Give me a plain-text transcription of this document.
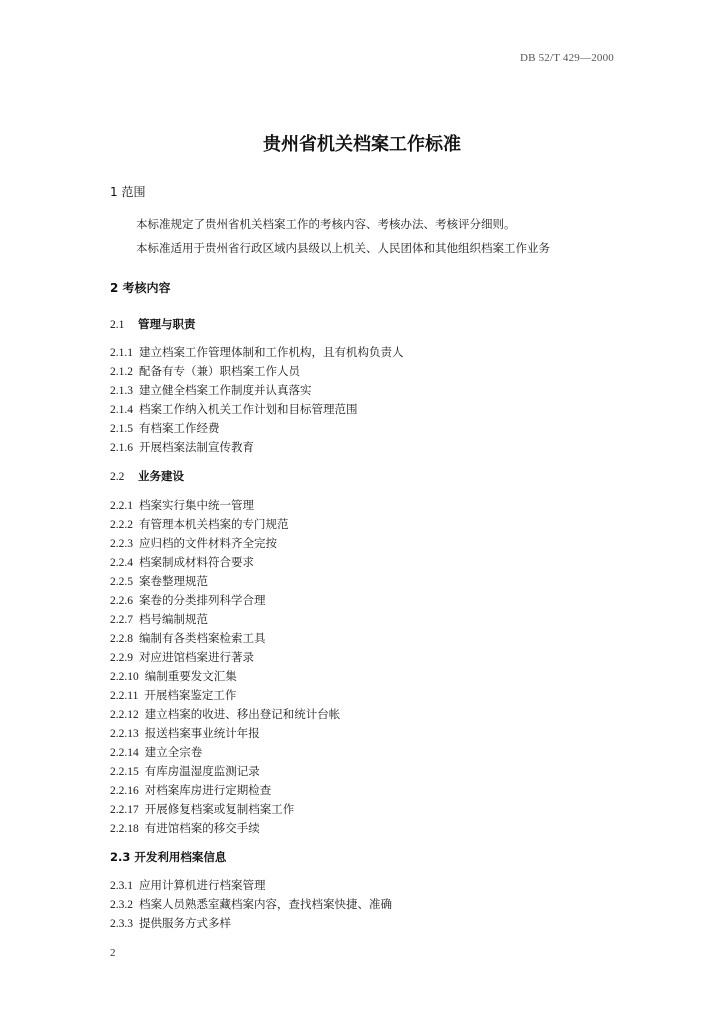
DB 52/T 429—2000
贵州省机关档案工作标准
1 范围
本标准规定了贵州省机关档案工作的考核内容、考核办法、考核评分细则。
本标准适用于贵州省行政区域内县级以上机关、人民团体和其他组织档案工作业务
2 考核内容
2.1 管理与职责
2.1.1 建立档案工作管理体制和工作机构，且有机构负责人
2.1.2 配备有专（兼）职档案工作人员
2.1.3 建立健全档案工作制度并认真落实
2.1.4 档案工作纳入机关工作计划和目标管理范围
2.1.5 有档案工作经费
2.1.6 开展档案法制宣传教育
2.2 业务建设
2.2.1 档案实行集中统一管理
2.2.2 有管理本机关档案的专门规范
2.2.3 应归档的文件材料齐全完按
2.2.4 档案制成材料符合要求
2.2.5 案卷整理规范
2.2.6 案卷的分类排列科学合理
2.2.7 档号编制规范
2.2.8 编制有各类档案检索工具
2.2.9 对应进馆档案进行著录
2.2.10 编制重要发文汇集
2.2.11 开展档案鉴定工作
2.2.12 建立档案的收进、移出登记和统计台帐
2.2.13 报送档案事业统计年报
2.2.14 建立全宗卷
2.2.15 有库房温湿度监测记录
2.2.16 对档案库房进行定期检查
2.2.17 开展修复档案或复制档案工作
2.2.18 有进馆档案的移交手续
2.3 开发利用档案信息
2.3.1 应用计算机进行档案管理
2.3.2 档案人员熟悉室藏档案内容，查找档案快捷、准确
2.3.3 提供服务方式多样
2
